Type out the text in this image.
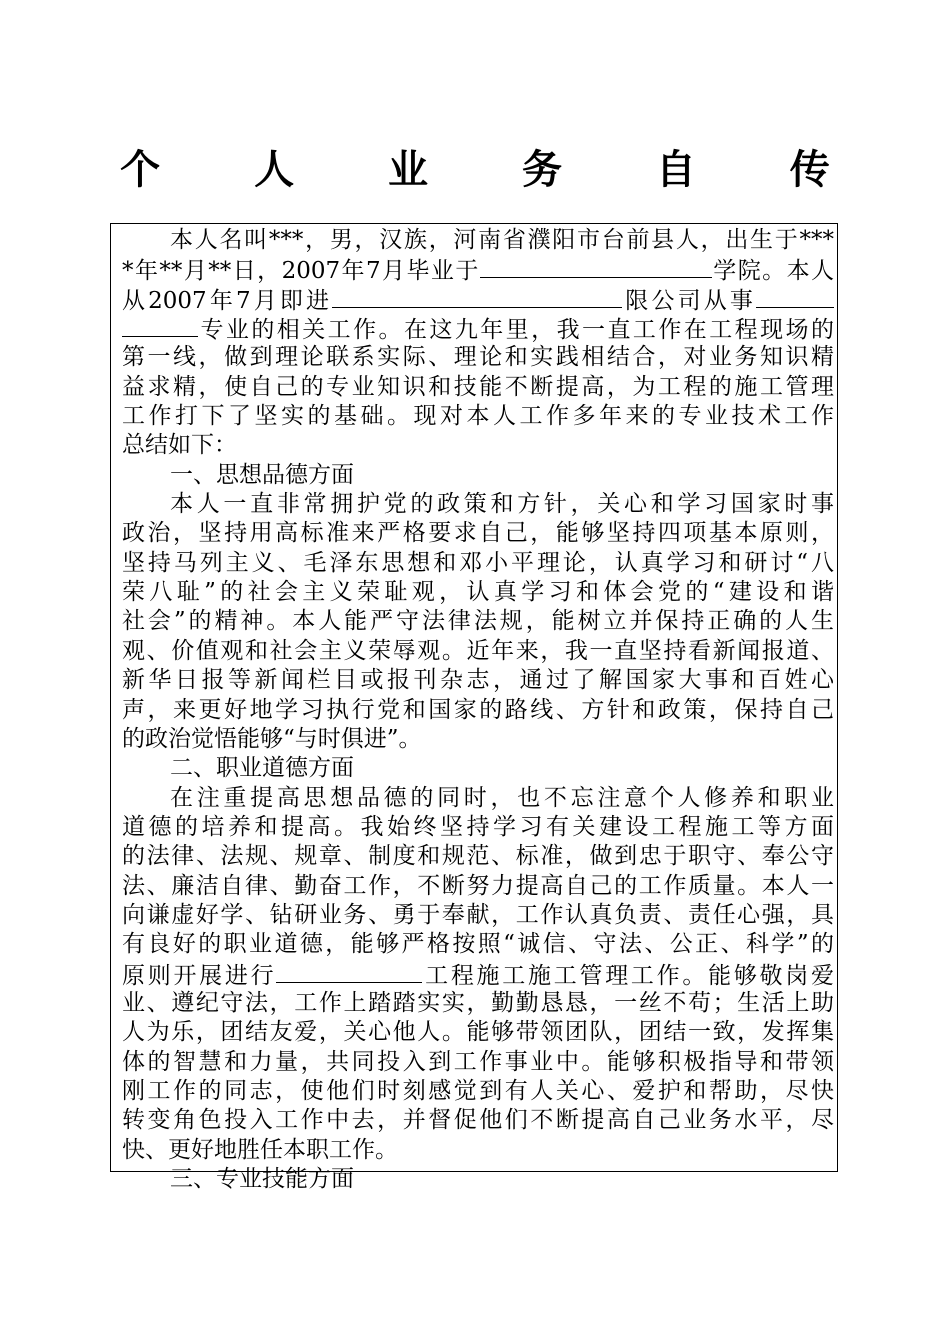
个 人 业 务 自 传
本人名叫***，男，汉族，河南省濮阳市台前县人，出生于***
*年**月**日，2007年7月毕业于	学院。本人
从2007年7月即进	限公司从事
专业的相关工作。在这九年里，我一直工作在工程现场的
第一线，做到理论联系实际、理论和实践相结合，对业务知识精
益求精，使自己的专业知识和技能不断提高，为工程的施工管理
工作打下了坚实的基础。现对本人工作多年来的专业技术工作
总结如下：
一、思想品德方面
本人一直非常拥护党的政策和方针，关心和学习国家时事
政治，坚持用高标准来严格要求自己，能够坚持四项基本原则，
坚持马列主义、毛泽东思想和邓小平理论，认真学习和研讨“八
荣八耻”的社会主义荣耻观，认真学习和体会党的“建设和谐
社会”的精神。本人能严守法律法规，能树立并保持正确的人生
观、价值观和社会主义荣辱观。近年来，我一直坚持看新闻报道、
新华日报等新闻栏目或报刊杂志，通过了解国家大事和百姓心
声，来更好地学习执行党和国家的路线、方针和政策，保持自己
的政治觉悟能够“与时俱进”。
二、职业道德方面
在注重提高思想品德的同时，也不忘注意个人修养和职业
道德的培养和提高。我始终坚持学习有关建设工程施工等方面
的法律、法规、规章、制度和规范、标准，做到忠于职守、奉公守
法、廉洁自律、勤奋工作，不断努力提高自己的工作质量。本人一
向谦虚好学、钻研业务、勇于奉献，工作认真负责、责任心强，具
有良好的职业道德，能够严格按照“诚信、守法、公正、科学”的
原则开展进行	工程施工施工管理工作。能够敬岗爱
业、遵纪守法，工作上踏踏实实，勤勤恳恳，一丝不苟；生活上助
人为乐，团结友爱，关心他人。能够带领团队，团结一致，发挥集
体的智慧和力量，共同投入到工作事业中。能够积极指导和带领
刚工作的同志，使他们时刻感觉到有人关心、爱护和帮助，尽快
转变角色投入工作中去，并督促他们不断提高自己业务水平，尽
快、更好地胜任本职工作。
三、专业技能方面
